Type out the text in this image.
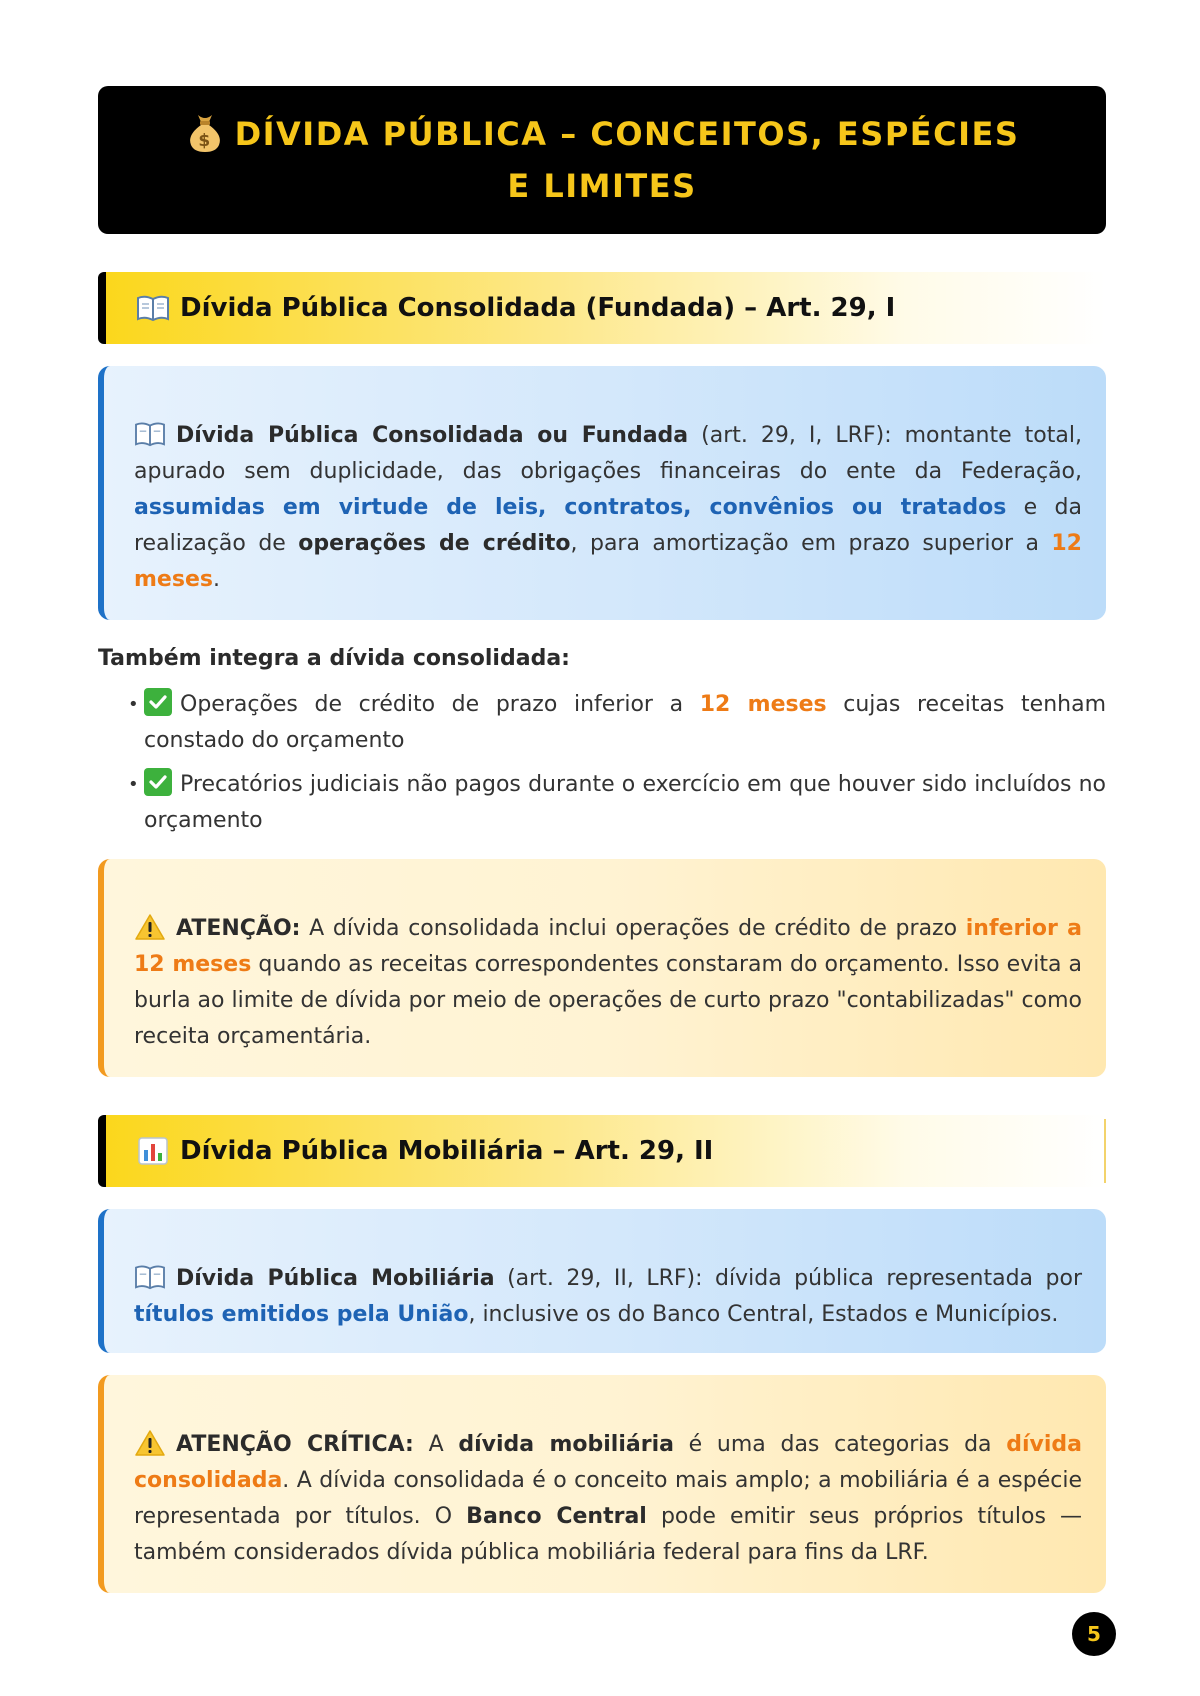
$ DÍVIDA PÚBLICA – CONCEITOS, ESPÉCIES E LIMITES
Dívida Pública Consolidada (Fundada) – Art. 29, I
Dívida Pública Consolidada ou Fundada (art. 29, I, LRF): montante total, apurado sem duplicidade, das obrigações financeiras do ente da Federação, assumidas em virtude de leis, contratos, convênios ou tratados e da realização de operações de crédito, para amortização em prazo superior a 12 meses.
Também integra a dívida consolidada:
• Operações de crédito de prazo inferior a 12 meses cujas receitas tenham constado do orçamento
• Precatórios judiciais não pagos durante o exercício em que houver sido incluídos no orçamento
ATENÇÃO: A dívida consolidada inclui operações de crédito de prazo inferior a 12 meses quando as receitas correspondentes constaram do orçamento. Isso evita a burla ao limite de dívida por meio de operações de curto prazo "contabilizadas" como receita orçamentária.
Dívida Pública Mobiliária – Art. 29, II
Dívida Pública Mobiliária (art. 29, II, LRF): dívida pública representada por títulos emitidos pela União, inclusive os do Banco Central, Estados e Municípios.
ATENÇÃO CRÍTICA: A dívida mobiliária é uma das categorias da dívida consolidada. A dívida consolidada é o conceito mais amplo; a mobiliária é a espécie representada por títulos. O Banco Central pode emitir seus próprios títulos — também considerados dívida pública mobiliária federal para fins da LRF.
5
